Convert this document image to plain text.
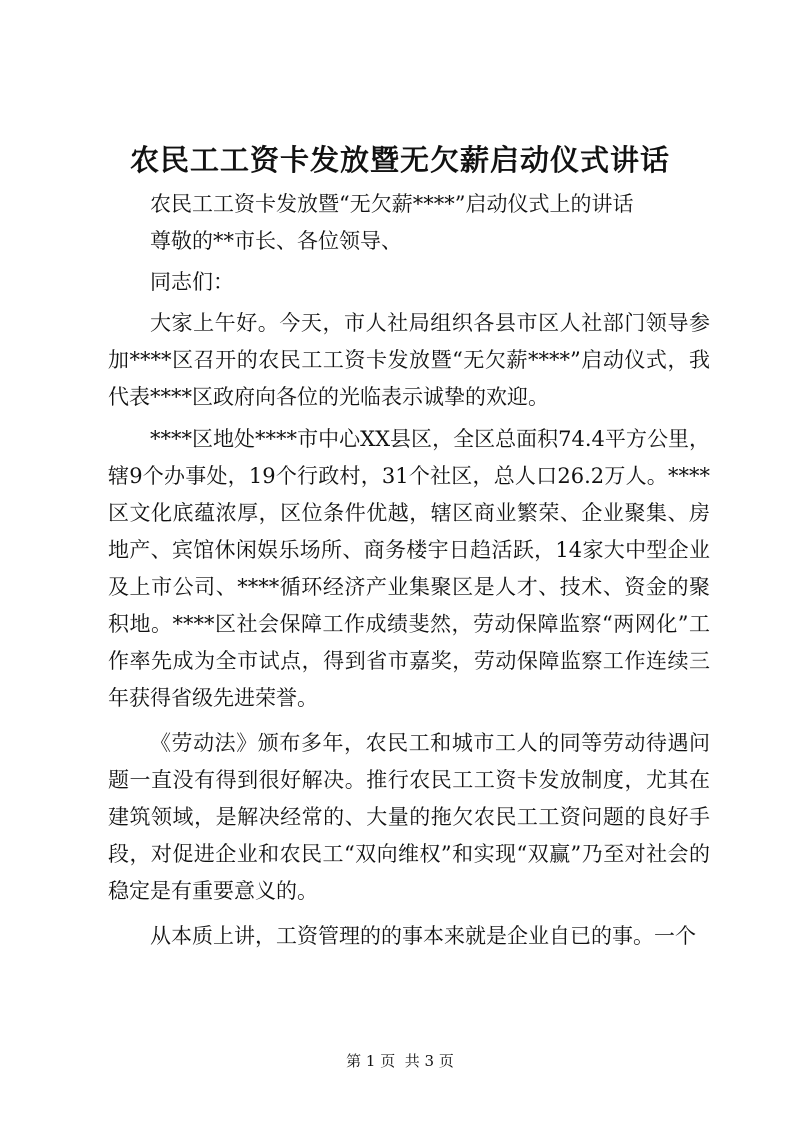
农民工工资卡发放暨无欠薪启动仪式讲话

农民工工资卡发放暨“无欠薪****”启动仪式上的讲话

尊敬的**市长、各位领导、

同志们：

大家上午好。今天，市人社局组织各县市区人社部门领导参加****区召开的农民工工资卡发放暨“无欠薪****”启动仪式，我代表****区政府向各位的光临表示诚挚的欢迎。

****区地处****市中心XX县区，全区总面积74.4平方公里，辖9个办事处，19个行政村，31个社区，总人口26.2万人。****区文化底蕴浓厚，区位条件优越，辖区商业繁荣、企业聚集、房地产、宾馆休闲娱乐场所、商务楼宇日趋活跃，14家大中型企业及上市公司、****循环经济产业集聚区是人才、技术、资金的聚积地。****区社会保障工作成绩斐然，劳动保障监察“两网化”工作率先成为全市试点，得到省市嘉奖，劳动保障监察工作连续三年获得省级先进荣誉。

《劳动法》颁布多年，农民工和城市工人的同等劳动待遇问题一直没有得到很好解决。推行农民工工资卡发放制度，尤其在建筑领域，是解决经常的、大量的拖欠农民工工资问题的良好手段，对促进企业和农民工“双向维权”和实现“双赢”乃至对社会的稳定是有重要意义的。

从本质上讲，工资管理的的事本来就是企业自已的事。一个

第 1 页  共 3 页
